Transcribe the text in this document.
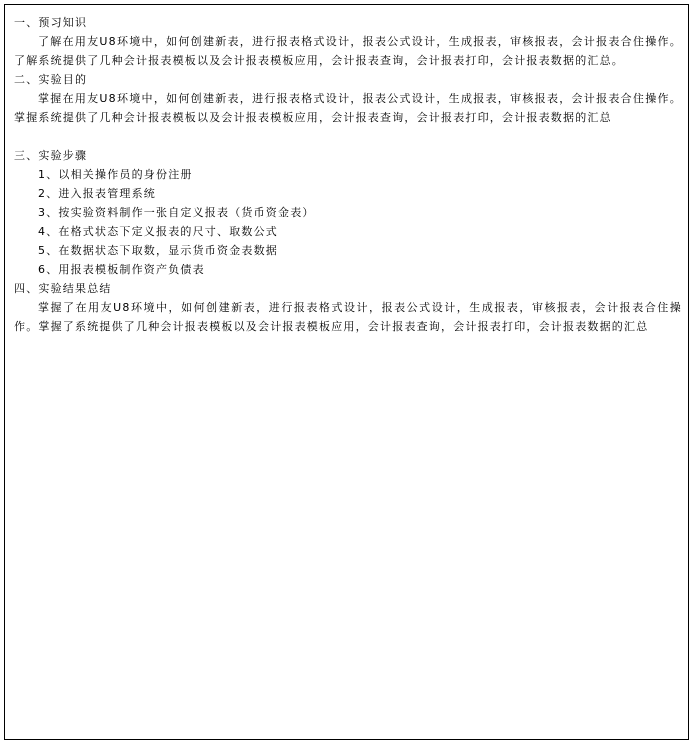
一、预习知识

了解在用友U8环境中，如何创建新表，进行报表格式设计，报表公式设计，生成报表，审核报表，会计报表合住操作。了解系统提供了几种会计报表模板以及会计报表模板应用，会计报表查询，会计报表打印，会计报表数据的汇总。

二、实验目的

掌握在用友U8环境中，如何创建新表，进行报表格式设计，报表公式设计，生成报表，审核报表，会计报表合住操作。掌握系统提供了几种会计报表模板以及会计报表模板应用，会计报表查询，会计报表打印，会计报表数据的汇总

三、实验步骤

1、以相关操作员的身份注册
2、进入报表管理系统
3、按实验资料制作一张自定义报表（货币资金表）
4、在格式状态下定义报表的尺寸、取数公式
5、在数据状态下取数，显示货币资金表数据
6、用报表模板制作资产负债表

四、实验结果总结

掌握了在用友U8环境中，如何创建新表，进行报表格式设计，报表公式设计，生成报表，审核报表，会计报表合住操作。掌握了系统提供了几种会计报表模板以及会计报表模板应用，会计报表查询，会计报表打印，会计报表数据的汇总
